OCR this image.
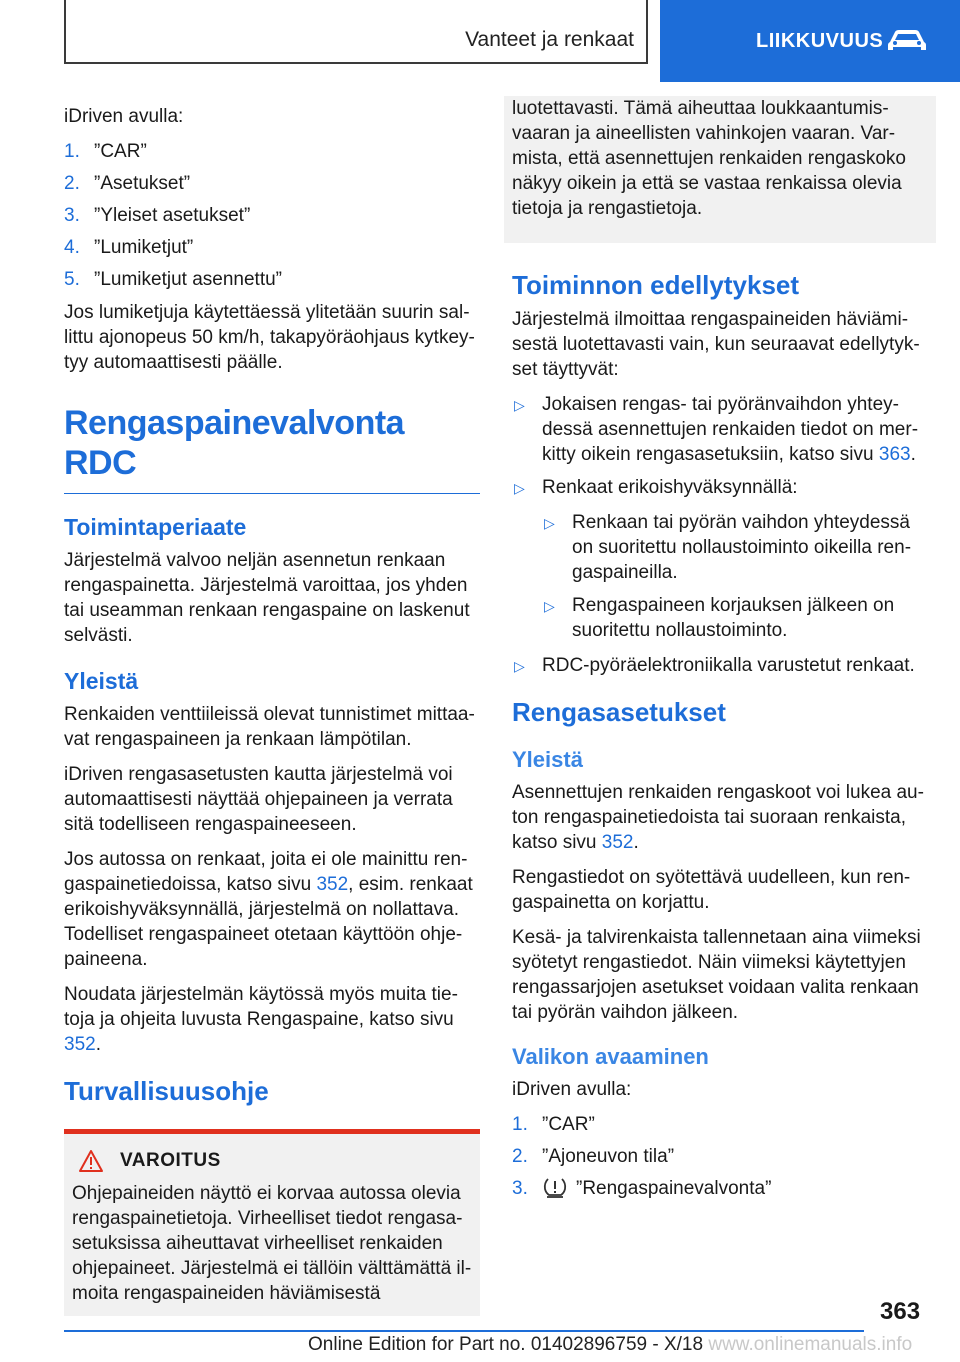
Vanteet ja renkaat	LIIKKUVUUS

iDriven avulla:

1. ”CAR”
2. ”Asetukset”
3. ”Yleiset asetukset”
4. ”Lumiketjut”
5. ”Lumiketjut asennettu”

Jos lumiketjuja käytettäessä ylitetään suurin sallittu ajonopeus 50 km/h, takapyöräohjaus kytkeytyy automaattisesti päälle.

Rengaspainevalvonta RDC
Toimintaperiaate

Järjestelmä valvoo neljän asennetun renkaan rengaspainetta. Järjestelmä varoittaa, jos yhden tai useamman renkaan rengaspaine on laskenut selvästi.

Yleistä

Renkaiden venttiileissä olevat tunnistimet mittaavat rengaspaineen ja renkaan lämpötilan.

iDriven rengasasetusten kautta järjestelmä voi automaattisesti näyttää ohjepaineen ja verrata sitä todelliseen rengaspaineeseen.

Jos autossa on renkaat, joita ei ole mainittu rengaspainetiedoissa, katso sivu 352, esim. renkaat erikoishyväksynnällä, järjestelmä on nollattava. Todelliset rengaspaineet otetaan käyttöön ohjepaineena.

Noudata järjestelmän käytössä myös muita tietoja ja ohjeita luvusta Rengaspaine, katso sivu 352.

Turvallisuusohje
VAROITUS

Ohjepaineiden näyttö ei korvaa autossa olevia rengaspainetietoja. Virheelliset tiedot rengasasetuksissa aiheuttavat virheelliset renkaiden ohjepaineet. Järjestelmä ei tällöin välttämättä ilmoita rengaspaineiden häviämisestä

luotettavasti. Tämä aiheuttaa loukkaantumisvaaran ja aineellisten vahinkojen vaaran. Varmista, että asennettujen renkaiden rengaskoko näkyy oikein ja että se vastaa renkaissa olevia tietoja ja rengastietoja.

Toiminnon edellytykset

Järjestelmä ilmoittaa rengaspaineiden häviämisestä luotettavasti vain, kun seuraavat edellytykset täyttyvät:

▷ Jokaisen rengas- tai pyöränvaihdon yhteydessä asennettujen renkaiden tiedot on merkitty oikein rengasasetuksiin, katso sivu 363.
▷ Renkaat erikoishyväksynnällä:
▷ Renkaan tai pyörän vaihdon yhteydessä on suoritettu nollaustoiminto oikeilla rengaspaineilla.
▷ Rengaspaineen korjauksen jälkeen on suoritettu nollaustoiminto.
▷ RDC-pyöräelektroniikalla varustetut renkaat.
Rengasasetukset
Yleistä

Asennettujen renkaiden rengaskoot voi lukea auton rengaspainetiedoista tai suoraan renkaista, katso sivu 352.

Rengastiedot on syötettävä uudelleen, kun rengaspainetta on korjattu.

Kesä- ja talvirenkaista tallennetaan aina viimeksi syötetyt rengastiedot. Näin viimeksi käytettyjen rengassarjojen asetukset voidaan valita renkaan tai pyörän vaihdon jälkeen.

Valikon avaaminen

iDriven avulla:

1. ”CAR”
2. ”Ajoneuvon tila”
3.	”Rengaspainevalvonta”
363
Online Edition for Part no. 01402896759 - X/18 www.onlinemanuals.info
